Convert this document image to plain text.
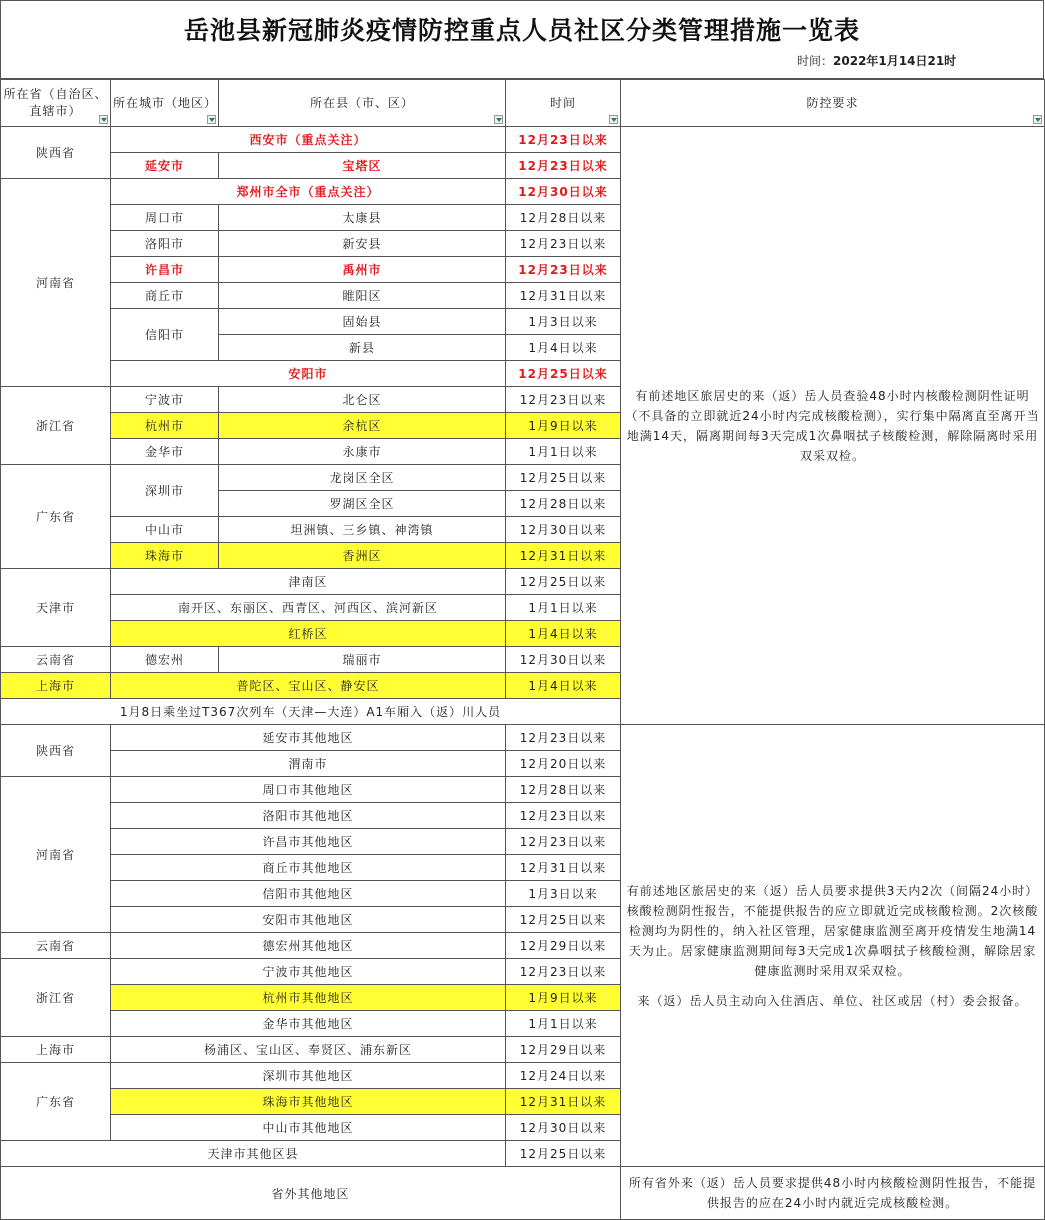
岳池县新冠肺炎疫情防控重点人员社区分类管理措施一览表
时间：2022年1月14日21时
所在省（自治区、直辖市）	所在城市（地区）	所在县（市、区）	时间	防控要求

陕西省	西安市（重点关注）		12月23日以来	有前述地区旅居史的来（返）岳人员查验48小时内核酸检测阴性证明（不具备的立即就近24小时内完成核酸检测），实行集中隔离直至离开当地满14天，隔离期间每3天完成1次鼻咽拭子核酸检测，解除隔离时采用双采双检。
	延安市	宝塔区	12月23日以来	
河南省	郑州市全市（重点关注）		12月30日以来	
	周口市	太康县	12月28日以来	
	洛阳市	新安县	12月23日以来	
	许昌市	禹州市	12月23日以来	
	商丘市	睢阳区	12月31日以来	
	信阳市	固始县	1月3日以来	
		新县	1月4日以来	
	安阳市		12月25日以来	
浙江省	宁波市	北仑区	12月23日以来	
	杭州市	余杭区	1月9日以来	
	金华市	永康市	1月1日以来	
广东省	深圳市	龙岗区全区	12月25日以来	
		罗湖区全区	12月28日以来	
	中山市	坦洲镇、三乡镇、神湾镇	12月30日以来	
	珠海市	香洲区	12月31日以来	
天津市	津南区		12月25日以来	
	南开区、东丽区、西青区、河西区、滨河新区		1月1日以来	
	红桥区		1月4日以来	
云南省	德宏州	瑞丽市	12月30日以来	
上海市	普陀区、宝山区、静安区		1月4日以来	
1月8日乘坐过T367次列车（天津—大连）A1车厢入（返）川人员				
陕西省	延安市其他地区		12月23日以来	有前述地区旅居史的来（返）岳人员要求提供3天内2次（间隔24小时）核酸检测阴性报告，不能提供报告的应立即就近完成核酸检测。2次核酸检测均为阴性的，纳入社区管理，居家健康监测至离开疫情发生地满14天为止。居家健康监测期间每3天完成1次鼻咽拭子核酸检测，解除居家健康监测时采用双采双检。

来（返）岳人员主动向入住酒店、单位、社区或居（村）委会报备。

	渭南市		12月20日以来	
河南省	周口市其他地区		12月28日以来	
	洛阳市其他地区		12月23日以来	
	许昌市其他地区		12月23日以来	
	商丘市其他地区		12月31日以来	
	信阳市其他地区		1月3日以来	
	安阳市其他地区		12月25日以来	
云南省	德宏州其他地区		12月29日以来	
浙江省	宁波市其他地区		12月23日以来	
	杭州市其他地区		1月9日以来	
	金华市其他地区		1月1日以来	
上海市	杨浦区、宝山区、奉贤区、浦东新区		12月29日以来	
广东省	深圳市其他地区		12月24日以来	
	珠海市其他地区		12月31日以来	
	中山市其他地区		12月30日以来	
天津市其他区县			12月25日以来	
省外其他地区				所有省外来（返）岳人员要求提供48小时内核酸检测阴性报告，不能提供报告的应在24小时内就近完成核酸检测。
